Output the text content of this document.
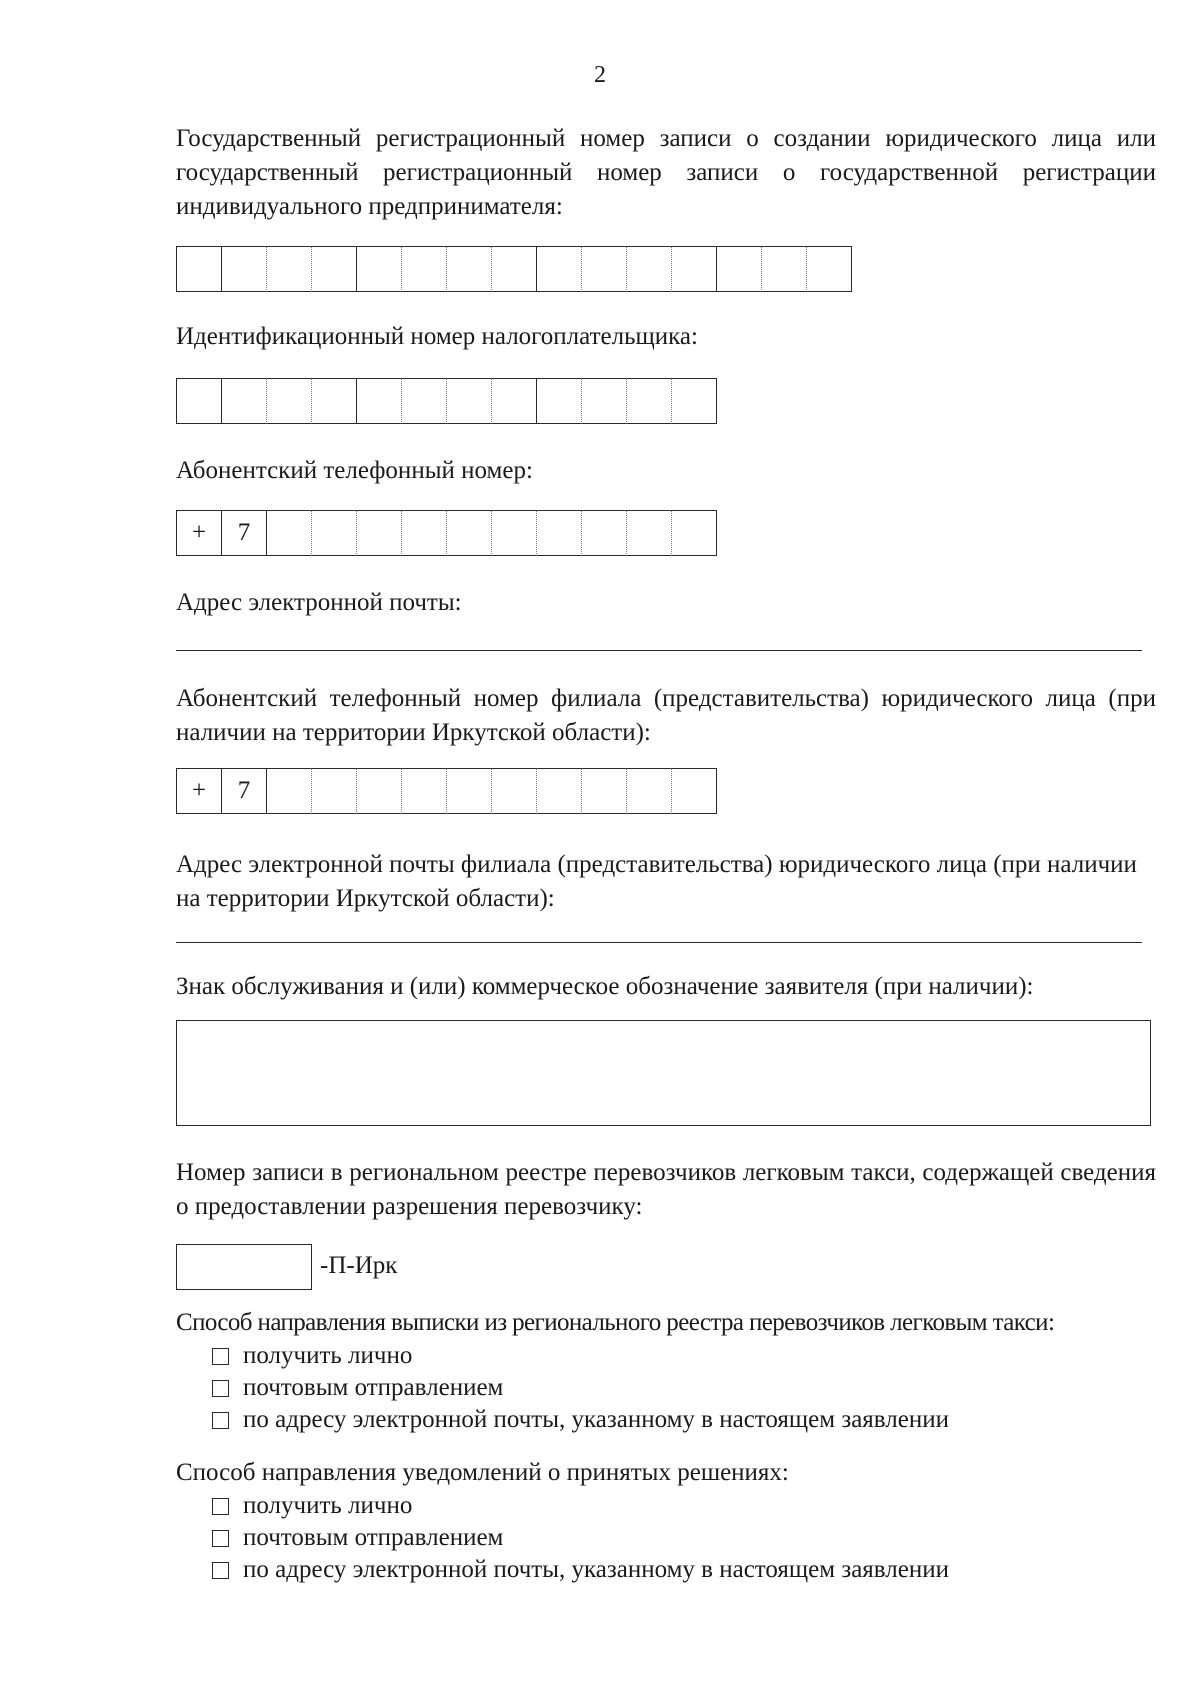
2
Государственный регистрационный номер записи о создании юридического лица или государственный регистрационный номер записи о государственной регистрации индивидуального предпринимателя:
Идентификационный номер налогоплательщика:
Абонентский телефонный номер:
+	7
Адрес электронной почты:
Абонентский телефонный номер филиала (представительства) юридического лица (при наличии на территории Иркутской области):
+	7
Адрес электронной почты филиала (представительства) юридического лица (при наличии на территории Иркутской области):
Знак обслуживания и (или) коммерческое обозначение заявителя (при наличии):
Номер записи в региональном реестре перевозчиков легковым такси, содержащей сведения о предоставлении разрешения перевозчику:
-П-Ирк
Способ направления выписки из регионального реестра перевозчиков легковым такси:
получить лично
почтовым отправлением
по адресу электронной почты, указанному в настоящем заявлении
Способ направления уведомлений о принятых решениях:
получить лично
почтовым отправлением
по адресу электронной почты, указанному в настоящем заявлении
